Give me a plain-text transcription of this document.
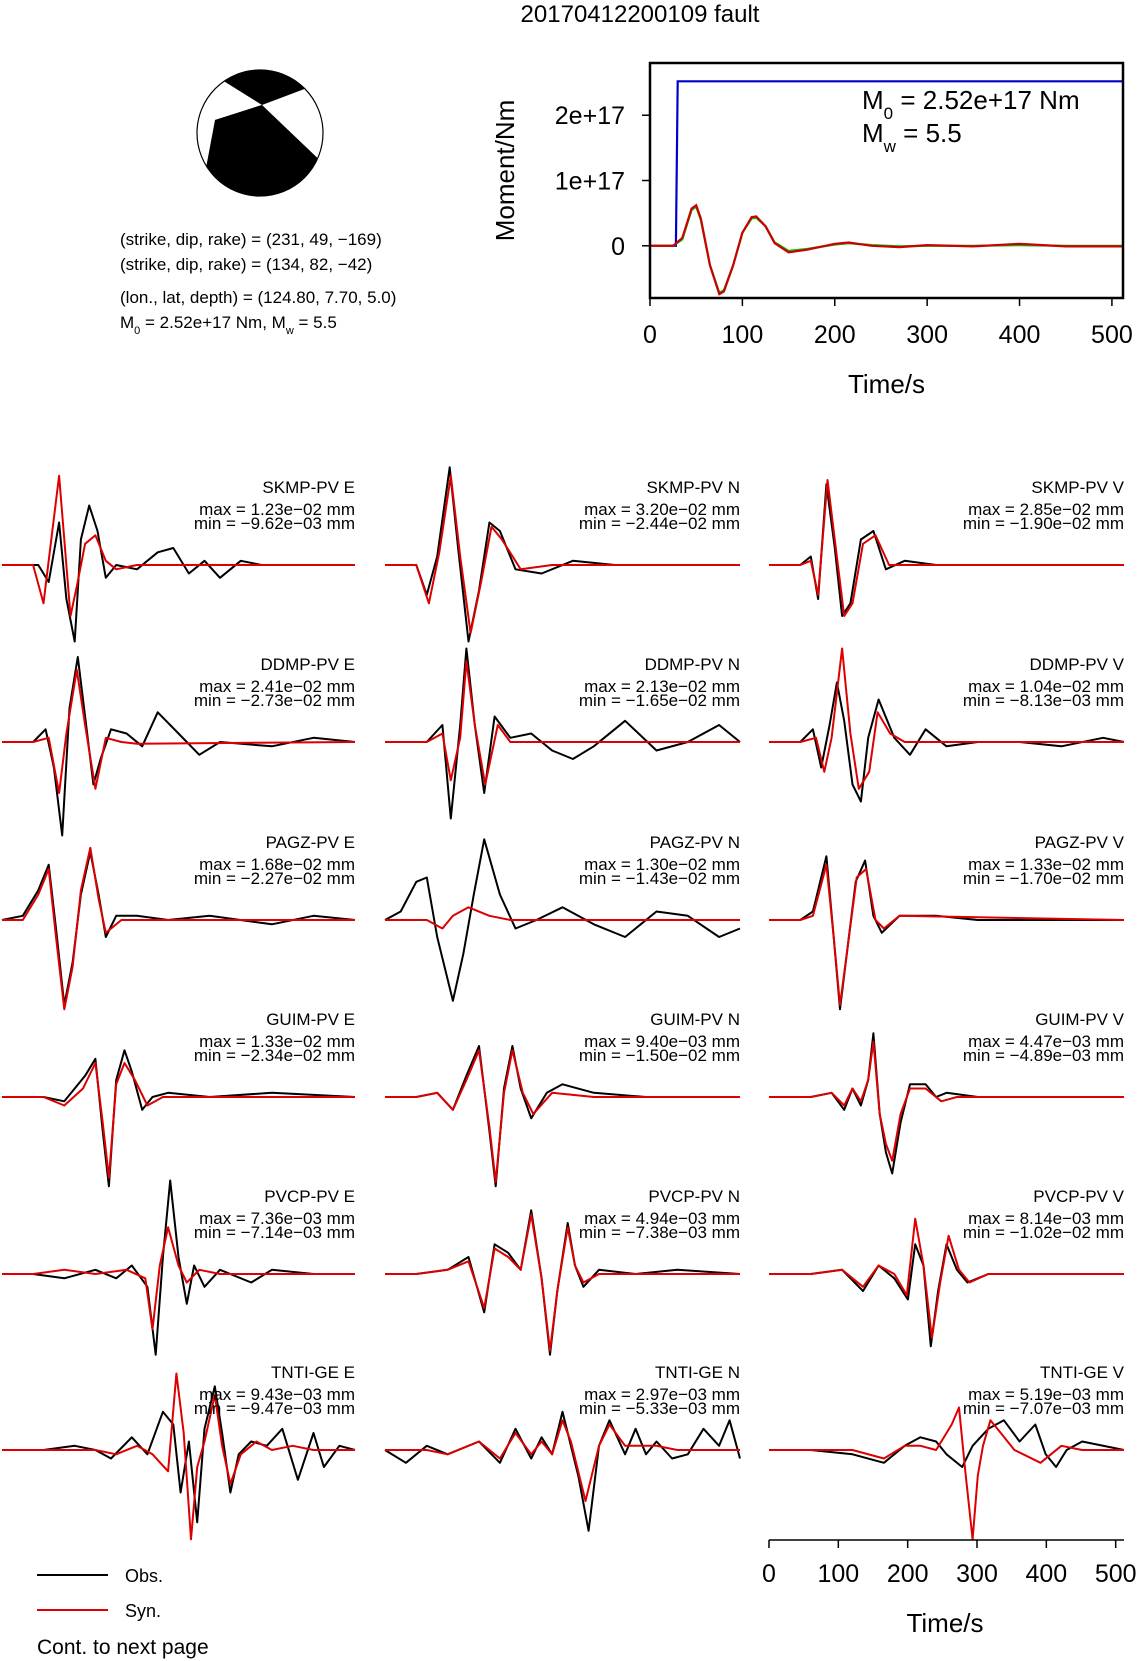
20170412200109 fault
(strike, dip, rake) = (231, 49, −169)
(strike, dip, rake) = (134, 82, −42)
(lon., lat, depth) = (124.80, 7.70, 5.0)
$M_0 = 2.52e+17$ Nm, $M_w = 5.5$	0	100 200 300 400 500
0
1e+17
2e+17
Time/s
Moment/Nm	$M_0 = 2.52e+17$ Nm
$M_w = 5.5$
SKMP-PV E
max = 1.23e−02 mm
min = −9.62e−03 mm
SKMP-PV N
max = 3.20e−02 mm
min = −2.44e−02 mm
SKMP-PV V
max = 2.85e−02 mm
min = −1.90e−02 mm
DDMP-PV E
max = 2.41e−02 mm
min = −2.73e−02 mm
DDMP-PV N
max = 2.13e−02 mm
min = −1.65e−02 mm
DDMP-PV V
max = 1.04e−02 mm
min = −8.13e−03 mm
PAGZ-PV E
max = 1.68e−02 mm
min = −2.27e−02 mm
PAGZ-PV N
max = 1.30e−02 mm
min = −1.43e−02 mm
PAGZ-PV V
max = 1.33e−02 mm
min = −1.70e−02 mm
GUIM-PV E
max = 1.33e−02 mm
min = −2.34e−02 mm
GUIM-PV N
max = 9.40e−03 mm
min = −1.50e−02 mm
GUIM-PV V
max = 4.47e−03 mm
min = −4.89e−03 mm
PVCP-PV E
max = 7.36e−03 mm
min = −7.14e−03 mm
PVCP-PV N
max = 4.94e−03 mm
min = −7.38e−03 mm
PVCP-PV V
max = 8.14e−03 mm
min = −1.02e−02 mm
TNTI-GE E
max = 9.43e−03 mm
min = −9.47e−03 mm
TNTI-GE N
max = 2.97e−03 mm
min = −5.33e−03 mm
TNTI-GE V
max = 5.19e−03 mm
min = −7.07e−03 mm
0 100 200 300 400 500
Time/s
Obs.
Syn.
Cont. to next page
